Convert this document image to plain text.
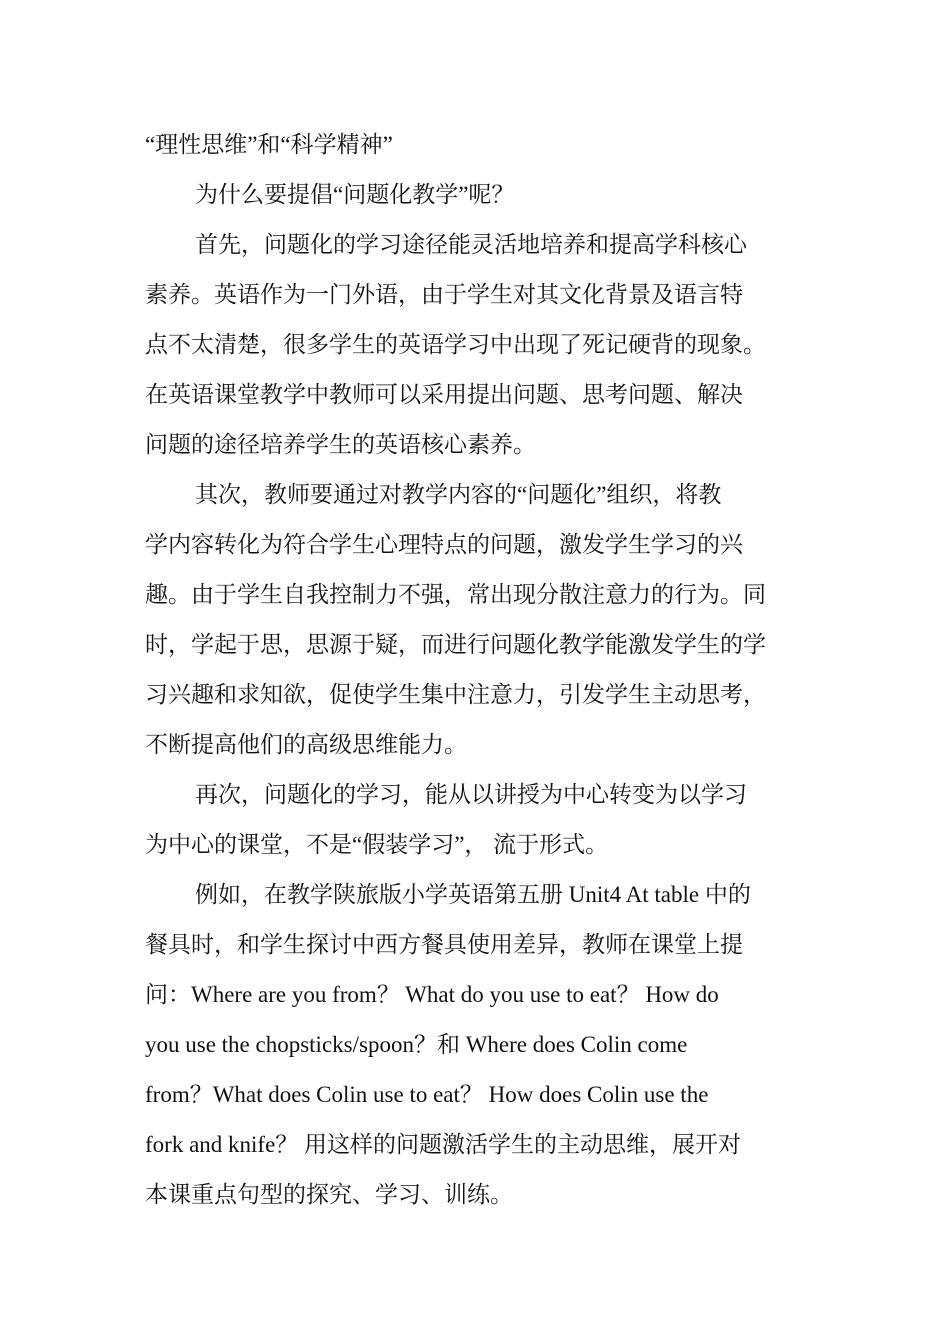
“理性思维”和“科学精神”
为什么要提倡“问题化教学”呢？
首先，问题化的学习途径能灵活地培养和提高学科核心
素养。英语作为一门外语，由于学生对其文化背景及语言特
点不太清楚，很多学生的英语学习中出现了死记硬背的现象。
在英语课堂教学中教师可以采用提出问题、思考问题、解决
问题的途径培养学生的英语核心素养。
其次，教师要通过对教学内容的“问题化”组织，将教
学内容转化为符合学生心理特点的问题，激发学生学习的兴
趣。由于学生自我控制力不强，常出现分散注意力的行为。同
时，学起于思，思源于疑，而进行问题化教学能激发学生的学
习兴趣和求知欲，促使学生集中注意力，引发学生主动思考，
不断提高他们的高级思维能力。
再次，问题化的学习，能从以讲授为中心转变为以学习
为中心的课堂，不是“假装学习”， 流于形式。
例如，在教学陕旅版小学英语第五册 Unit4 At table 中的
餐具时，和学生探讨中西方餐具使用差异，教师在课堂上提
问：Where are you from？ What do you use to eat？ How do
you use the chopsticks/spoon？和 Where does Colin come
from？What does Colin use to eat？ How does Colin use the
fork and knife？ 用这样的问题激活学生的主动思维，展开对
本课重点句型的探究、学习、训练。
